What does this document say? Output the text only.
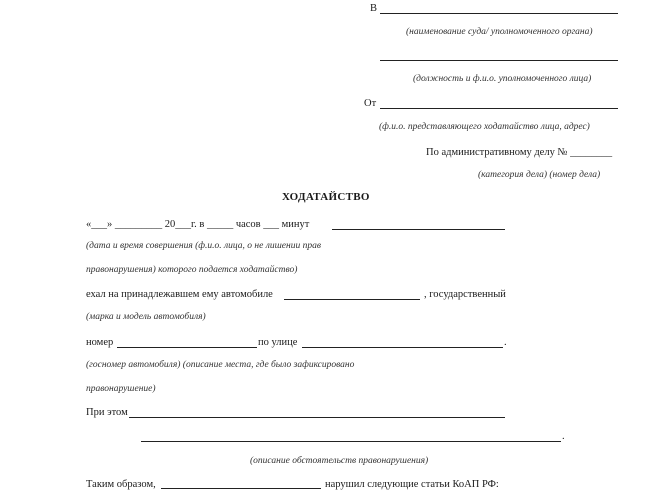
В
(наименование суда/ уполномоченного органа)
(должность и ф.и.о. уполномоченного лица)
От
(ф.и.о. представляющего ходатайство лица, адрес)
По административному делу № ________
(категория дела) (номер дела)
ХОДАТАЙСТВО
«___» _________ 20___г. в _____ часов ___ минут
(дата и время совершения (ф.и.о. лица, о не лишении прав
правонарушения) которого подается ходатайство)
ехал на принадлежавшем ему автомобиле	, государственный
(марка и модель автомобиля)
номер	по улице	.
(госномер автомобиля) (описание места, где было зафиксировано
правонарушение)
При этом
.
(описание обстоятельств правонарушения)
Таким образом,	нарушил следующие статьи КоАП РФ:
